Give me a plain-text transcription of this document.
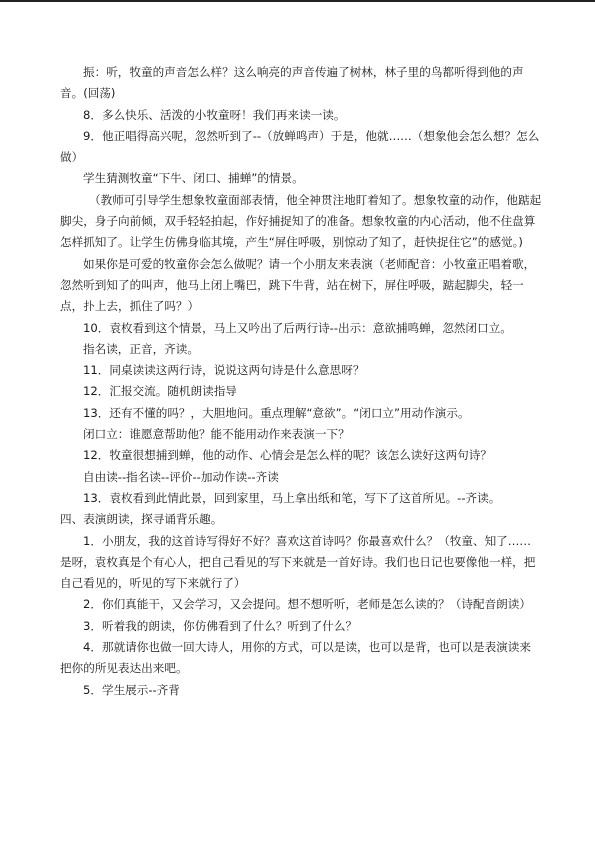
振：听，牧童的声音怎么样？这么响亮的声音传遍了树林，林子里的鸟都听得到他的声音。(回荡)

8．多么快乐、活泼的小牧童呀！我们再来读一读。

9．他正唱得高兴呢，忽然听到了--（放蝉鸣声）于是，他就……（想象他会怎么想？怎么做）

学生猜测牧童“下牛、闭口、捕蝉”的情景。

（教师可引导学生想象牧童面部表情，他全神贯注地盯着知了。想象牧童的动作，他踮起脚尖，身子向前倾，双手轻轻拍起，作好捕捉知了的准备。想象牧童的内心活动，他不住盘算怎样抓知了。让学生仿佛身临其境，产生“屏住呼吸，别惊动了知了，赶快捉住它”的感觉。)

如果你是可爱的牧童你会怎么做呢？请一个小朋友来表演（老师配音：小牧童正唱着歌，忽然听到知了的叫声，他马上闭上嘴巴，跳下牛背，站在树下，屏住呼吸，踮起脚尖，轻一点，扑上去，抓住了吗？）

10．袁枚看到这个情景，马上又吟出了后两行诗--出示：意欲捕鸣蝉，忽然闭口立。

指名读，正音，齐读。

11．同桌读读这两行诗，说说这两句诗是什么意思呀？

12．汇报交流。随机朗读指导

13．还有不懂的吗？，大胆地问。重点理解“意欲”。“闭口立”用动作演示。

闭口立：谁愿意帮助他？能不能用动作来表演一下？

12．牧童很想捕到蝉，他的动作、心情会是怎么样的呢？该怎么读好这两句诗？

自由读--指名读--评价--加动作读--齐读

13．袁枚看到此情此景，回到家里，马上拿出纸和笔，写下了这首所见。--齐读。

四、表演朗读，探寻诵背乐趣。

1．小朋友，我的这首诗写得好不好？喜欢这首诗吗？你最喜欢什么？（牧童、知了……是呀，袁枚真是个有心人，把自己看见的写下来就是一首好诗。我们也日记也要像他一样，把自己看见的，听见的写下来就行了）

2．你们真能干，又会学习，又会提问。想不想听听，老师是怎么读的？（诗配音朗读）

3．听着我的朗读，你仿佛看到了什么？听到了什么？

4．那就请你也做一回大诗人，用你的方式，可以是读，也可以是背，也可以是表演读来把你的所见表达出来吧。

5．学生展示--齐背
